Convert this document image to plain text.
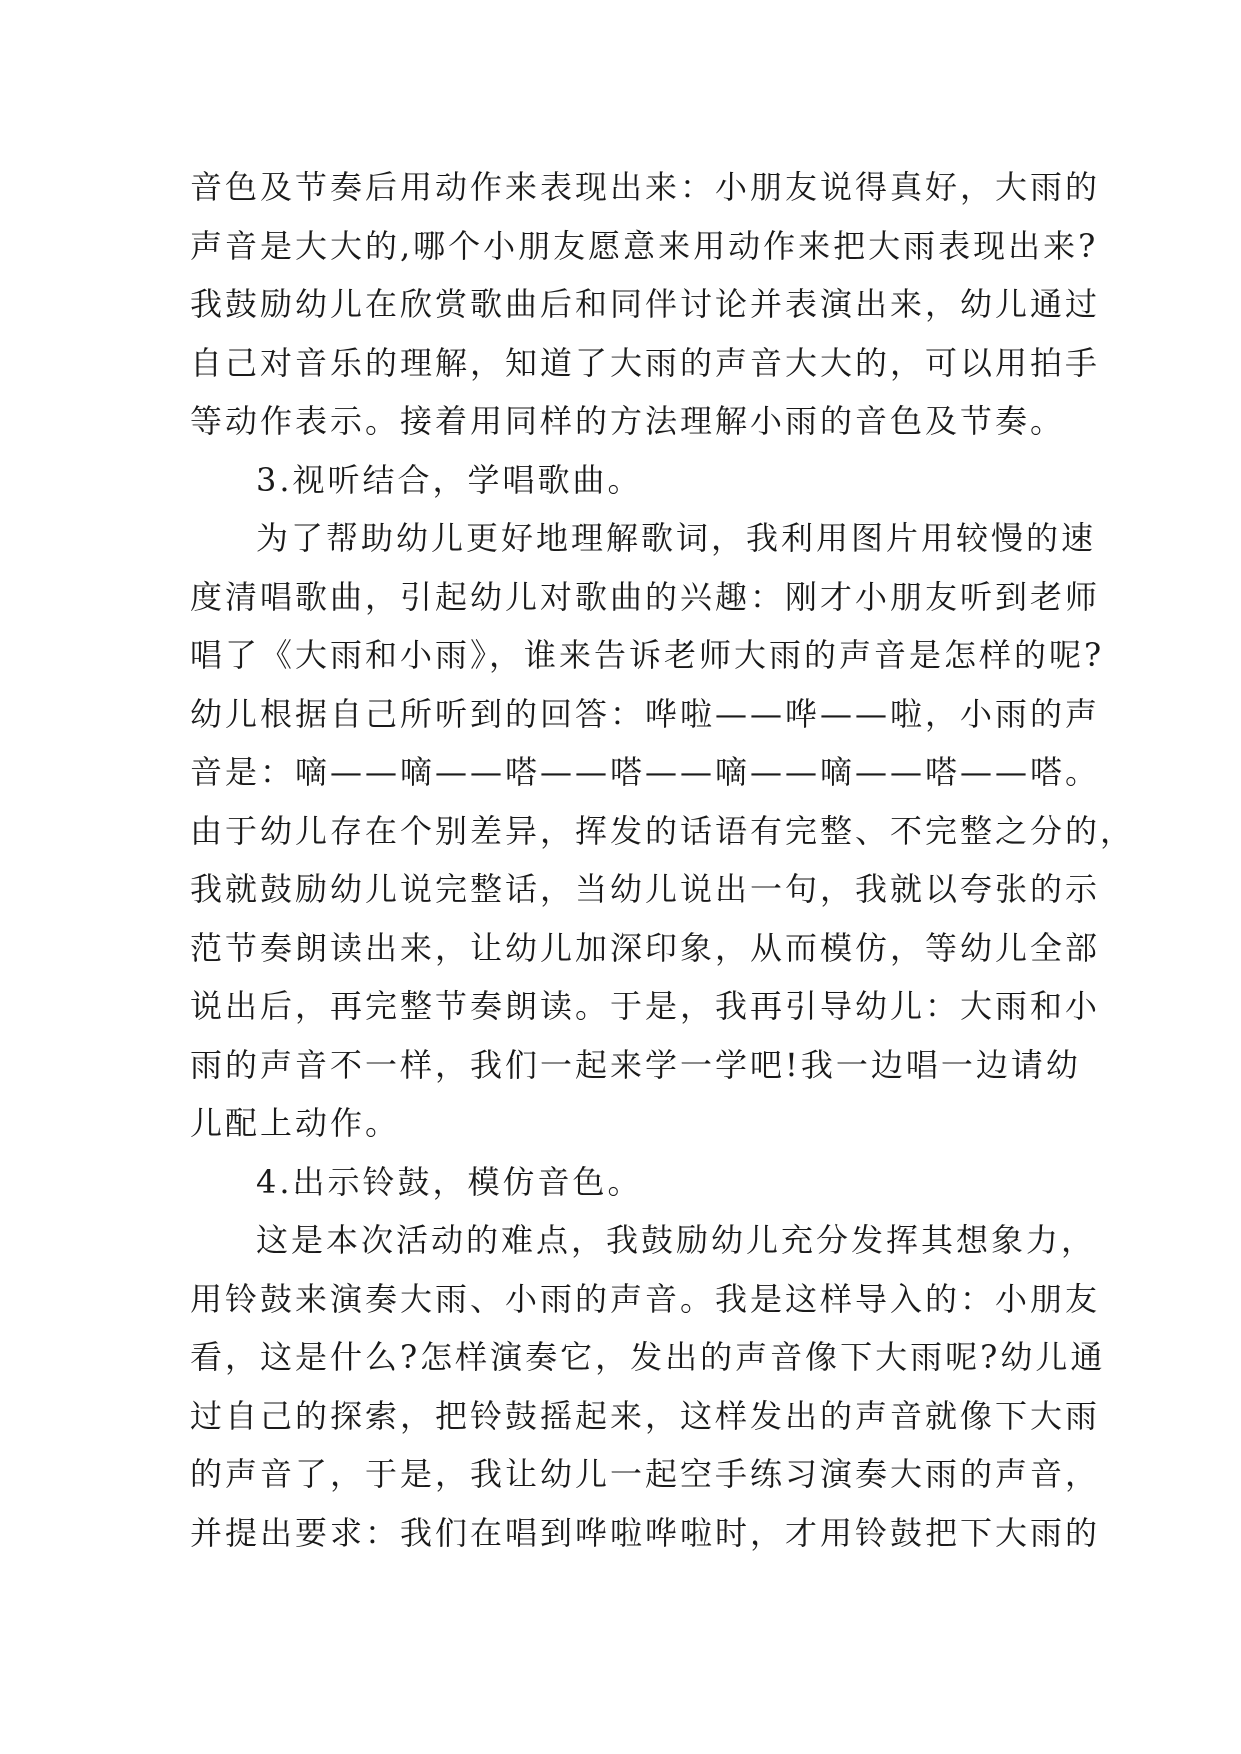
音色及节奏后用动作来表现出来：小朋友说得真好，大雨的
声音是大大的,哪个小朋友愿意来用动作来把大雨表现出来?
我鼓励幼儿在欣赏歌曲后和同伴讨论并表演出来，幼儿通过
自己对音乐的理解，知道了大雨的声音大大的，可以用拍手
等动作表示。接着用同样的方法理解小雨的音色及节奏。
3.视听结合，学唱歌曲。
为了帮助幼儿更好地理解歌词，我利用图片用较慢的速
度清唱歌曲，引起幼儿对歌曲的兴趣：刚才小朋友听到老师
唱了《大雨和小雨》，谁来告诉老师大雨的声音是怎样的呢?
幼儿根据自己所听到的回答：哗啦——哗——啦，小雨的声
音是：嘀——嘀——嗒——嗒——嘀——嘀——嗒——嗒。
由于幼儿存在个别差异，挥发的话语有完整、不完整之分的，
我就鼓励幼儿说完整话，当幼儿说出一句，我就以夸张的示
范节奏朗读出来，让幼儿加深印象，从而模仿，等幼儿全部
说出后，再完整节奏朗读。于是，我再引导幼儿：大雨和小
雨的声音不一样，我们一起来学一学吧!我一边唱一边请幼
儿配上动作。
4.出示铃鼓，模仿音色。
这是本次活动的难点，我鼓励幼儿充分发挥其想象力，
用铃鼓来演奏大雨、小雨的声音。我是这样导入的：小朋友
看，这是什么?怎样演奏它，发出的声音像下大雨呢?幼儿通
过自己的探索，把铃鼓摇起来，这样发出的声音就像下大雨
的声音了，于是，我让幼儿一起空手练习演奏大雨的声音，
并提出要求：我们在唱到哗啦哗啦时，才用铃鼓把下大雨的
